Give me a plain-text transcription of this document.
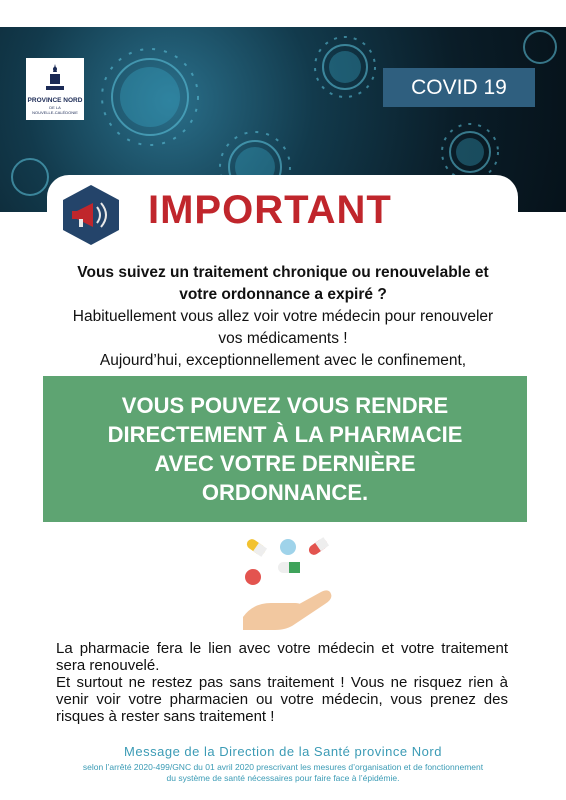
PROVINCE NORD
DE LA
NOUVELLE-CALÉDONIE
COVID 19
IMPORTANT
Vous suivez un traitement chronique ou renouvelable et
votre ordonnance a expiré ?
Habituellement vous allez voir votre médecin pour renouveler
vos médicaments !
Aujourd’hui, exceptionnellement avec le confinement,
VOUS POUVEZ VOUS RENDRE
DIRECTEMENT À LA PHARMACIE
AVEC VOTRE DERNIÈRE
ORDONNANCE.

La pharmacie fera le lien avec votre médecin et votre traitement sera renouvelé.

Et surtout ne restez pas sans traitement ! Vous ne risquez rien à venir voir votre pharmacien ou votre médecin, vous prenez des risques à rester sans traitement !

Message de la Direction de la Santé province Nord
selon l’arrêté 2020-499/GNC du 01 avril 2020 prescrivant les mesures d’organisation et de fonctionnement du système de santé nécessaires pour faire face à l’épidémie.
